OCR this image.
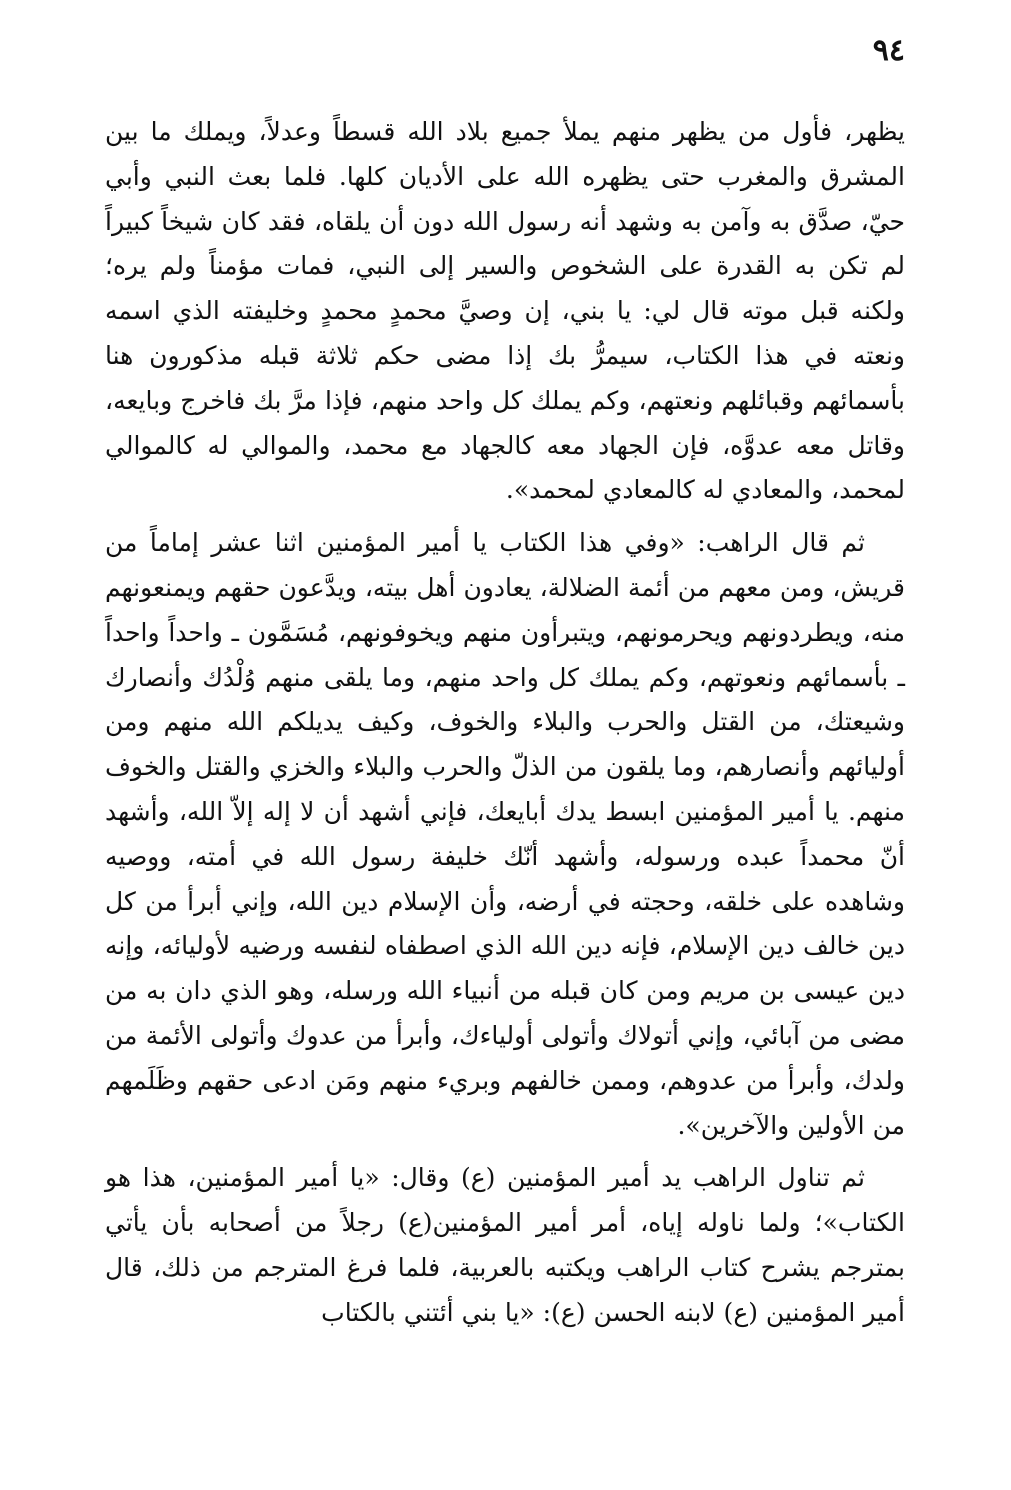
٩٤

يظهر، فأول من يظهر منهم يملأ جميع بلاد الله قسطاً وعدلاً، ويملك ما بين المشرق والمغرب حتى يظهره الله على الأديان كلها. فلما بعث النبي وأبي حيّ، صدَّق به وآمن به وشهد أنه رسول الله دون أن يلقاه، فقد كان شيخاً كبيراً لم تكن به القدرة على الشخوص والسير إلى النبي، فمات مؤمناً ولم يره؛ ولكنه قبل موته قال لي: يا بني، إن وصيَّ محمدٍ محمدٍ وخليفته الذي اسمه ونعته في هذا الكتاب، سيمرُّ بك إذا مضى حكم ثلاثة قبله مذكورون هنا بأسمائهم وقبائلهم ونعتهم، وكم يملك كل واحد منهم، فإذا مرَّ بك فاخرج وبايعه، وقاتل معه عدوَّه، فإن الجهاد معه كالجهاد مع محمد، والموالي له كالموالي لمحمد، والمعادي له كالمعادي لمحمد».

ثم قال الراهب: «وفي هذا الكتاب يا أمير المؤمنين اثنا عشر إماماً من قريش، ومن معهم من أئمة الضلالة، يعادون أهل بيته، ويدَّعون حقهم ويمنعونهم منه، ويطردونهم ويحرمونهم، ويتبرأون منهم ويخوفونهم، مُسَمَّون ـ واحداً واحداً ـ بأسمائهم ونعوتهم، وكم يملك كل واحد منهم، وما يلقى منهم وُلْدُك وأنصارك وشيعتك، من القتل والحرب والبلاء والخوف، وكيف يديلكم الله منهم ومن أوليائهم وأنصارهم، وما يلقون من الذلّ والحرب والبلاء والخزي والقتل والخوف منهم. يا أمير المؤمنين ابسط يدك أبايعك، فإني أشهد أن لا إله إلاّ الله، وأشهد أنّ محمداً عبده ورسوله، وأشهد أنّك خليفة رسول الله في أمته، ووصيه وشاهده على خلقه، وحجته في أرضه، وأن الإسلام دين الله، وإني أبرأ من كل دين خالف دين الإسلام، فإنه دين الله الذي اصطفاه لنفسه ورضيه لأوليائه، وإنه دين عيسى بن مريم ومن كان قبله من أنبياء الله ورسله، وهو الذي دان به من مضى من آبائي، وإني أتولاك وأتولى أولياءك، وأبرأ من عدوك وأتولى الأئمة من ولدك، وأبرأ من عدوهم، وممن خالفهم وبريء منهم ومَن ادعى حقهم وظَلَمهم من الأولين والآخرين».

ثم تناول الراهب يد أمير المؤمنين (ع) وقال: «يا أمير المؤمنين، هذا هو الكتاب»؛ ولما ناوله إياه، أمر أمير المؤمنين(ع) رجلاً من أصحابه بأن يأتي بمترجم يشرح كتاب الراهب ويكتبه بالعربية، فلما فرغ المترجم من ذلك، قال أمير المؤمنين (ع) لابنه الحسن (ع): «يا بني أئتني بالكتاب
